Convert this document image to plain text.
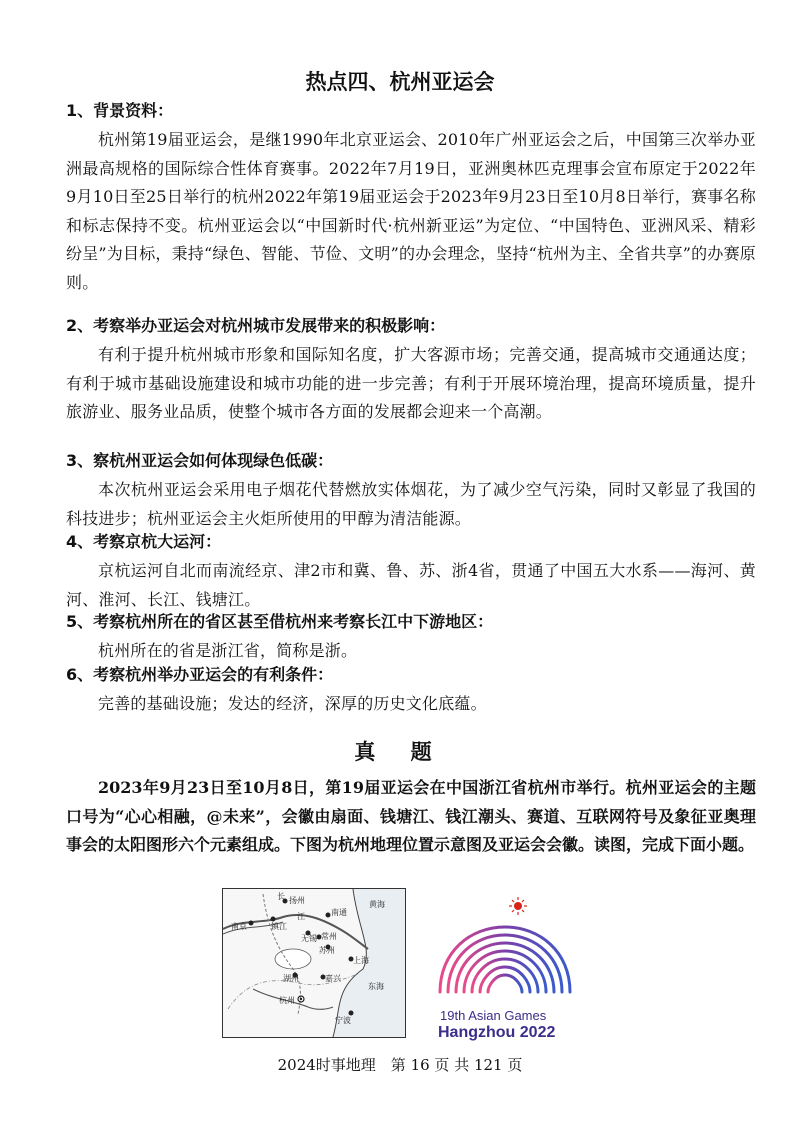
热点四、杭州亚运会
1、背景资料：
杭州第19届亚运会，是继1990年北京亚运会、2010年广州亚运会之后，中国第三次举办亚洲最高规格的国际综合性体育赛事。2022年7月19日，亚洲奥林匹克理事会宣布原定于2022年9月10日至25日举行的杭州2022年第19届亚运会于2023年9月23日至10月8日举行，赛事名称和标志保持不变。杭州亚运会以“中国新时代·杭州新亚运”为定位、“中国特色、亚洲风采、精彩纷呈”为目标，秉持“绿色、智能、节俭、文明”的办会理念，坚持“杭州为主、全省共享”的办赛原则。
2、考察举办亚运会对杭州城市发展带来的积极影响：
有利于提升杭州城市形象和国际知名度，扩大客源市场；完善交通，提高城市交通通达度；有利于城市基础设施建设和城市功能的进一步完善；有利于开展环境治理，提高环境质量，提升旅游业、服务业品质，使整个城市各方面的发展都会迎来一个高潮。
3、察杭州亚运会如何体现绿色低碳：
本次杭州亚运会采用电子烟花代替燃放实体烟花，为了减少空气污染，同时又彰显了我国的科技进步；杭州亚运会主火炬所使用的甲醇为清洁能源。
4、考察京杭大运河：
京杭运河自北而南流经京、津2市和冀、鲁、苏、浙4省，贯通了中国五大水系——海河、黄河、淮河、长江、钱塘江。
5、考察杭州所在的省区甚至借杭州来考察长江中下游地区：
杭州所在的省是浙江省，简称是浙。
6、考察杭州举办亚运会的有利条件：
完善的基础设施；发达的经济，深厚的历史文化底蕴。
真 题
2023年9月23日至10月8日，第19届亚运会在中国浙江省杭州市举行。杭州亚运会的主题口号为“心心相融，@未来”，会徽由扇面、钱塘江、钱江潮头、赛道、互联网符号及象征亚奥理事会的太阳图形六个元素组成。下图为杭州地理位置示意图及亚运会会徽。读图，完成下面小题。
扬州
长
南通
黄海
南京	镇江
江
无锡 常州
苏州
上海
湖州	嘉兴
东海
杭州
宁波	19th Asian Games
Hangzhou 2022
2024时事地理　第 16 页 共 121 页
